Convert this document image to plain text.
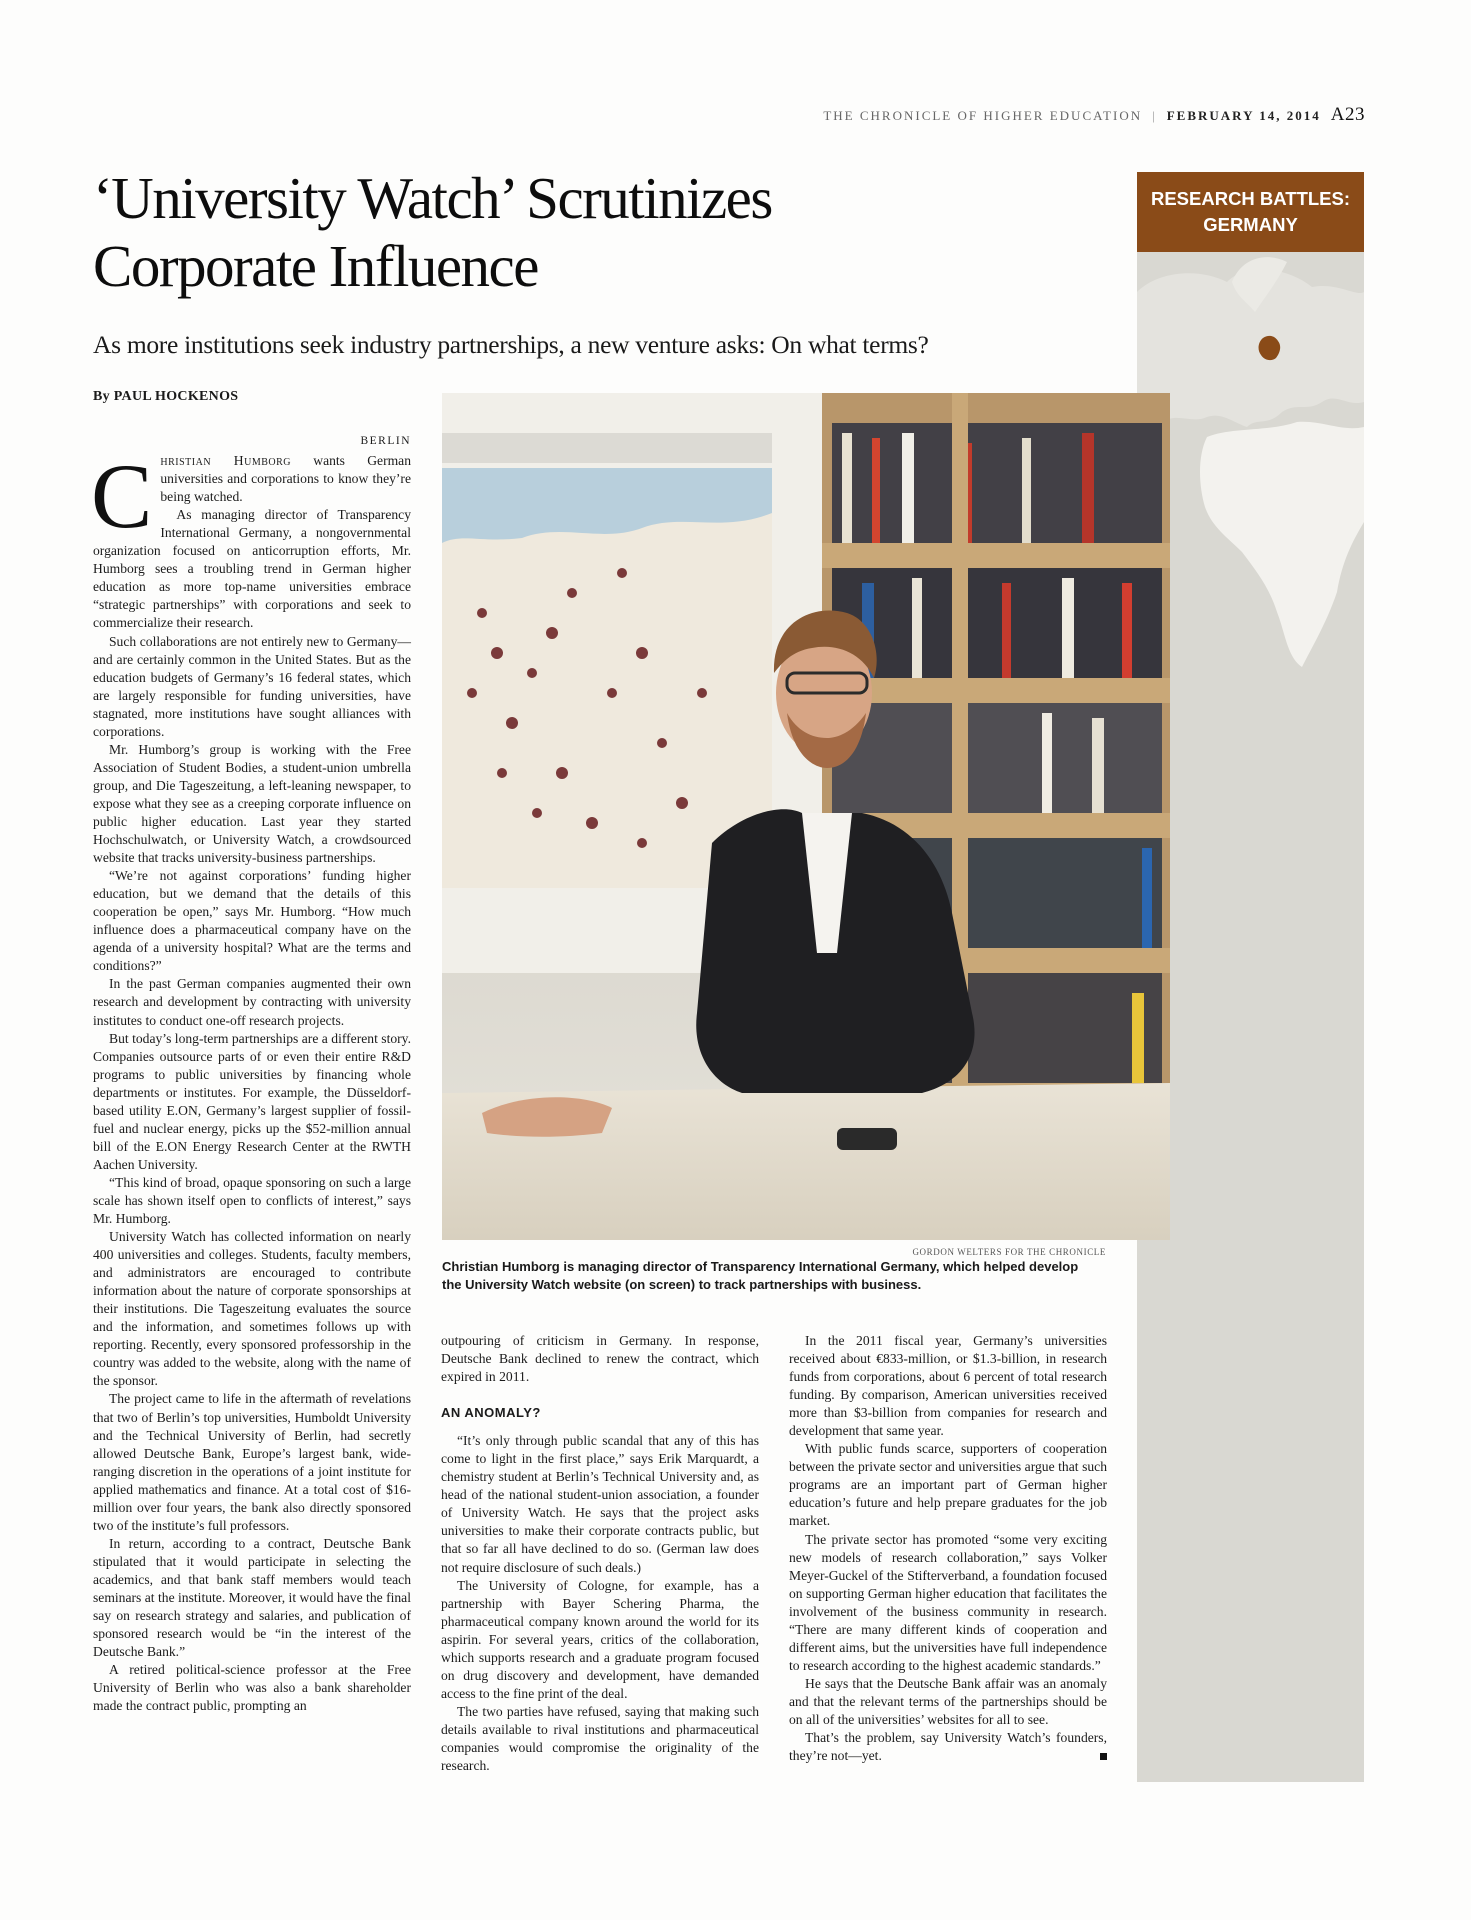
THE CHRONICLE OF HIGHER EDUCATION | FEBRUARY 14, 2014 A23
‘University Watch’ Scrutinizes
Corporate Influence
As more institutions seek industry partnerships, a new venture asks: On what terms?
By PAUL HOCKENOS
RESEARCH BATTLES:
GERMANY
BERLIN

Christian Humborg wants German universities and corporations to know they’re being watched.

As managing director of Transparency International Germany, a nongovernmental organization focused on anticorruption efforts, Mr. Humborg sees a troubling trend in German higher education as more top-name universities embrace “strategic partnerships” with corporations and seek to commercialize their research.

Such collaborations are not entirely new to Germany—and are certainly common in the United States. But as the education budgets of Germany’s 16 federal states, which are largely responsible for funding universities, have stagnated, more institutions have sought alliances with corporations.

Mr. Humborg’s group is working with the Free Association of Student Bodies, a student-union umbrella group, and Die Tageszeitung, a left-leaning newspaper, to expose what they see as a creeping corporate influence on public higher education. Last year they started Hochschulwatch, or University Watch, a crowdsourced website that tracks university-business partnerships.

“We’re not against corporations’ funding higher education, but we demand that the details of this cooperation be open,” says Mr. Humborg. “How much influence does a pharmaceutical company have on the agenda of a university hospital? What are the terms and conditions?”

In the past German companies augmented their own research and development by contracting with university institutes to conduct one-off research projects.

But today’s long-term partnerships are a different story. Companies outsource parts of or even their entire R&D programs to public universities by financing whole departments or institutes. For example, the Düsseldorf-based utility E.ON, Germany’s largest supplier of fossil-fuel and nuclear energy, picks up the $52-million annual bill of the E.ON Energy Research Center at the RWTH Aachen University.

“This kind of broad, opaque sponsoring on such a large scale has shown itself open to conflicts of interest,” says Mr. Humborg.

University Watch has collected information on nearly 400 universities and colleges. Students, faculty members, and administrators are encouraged to contribute information about the nature of corporate sponsorships at their institutions. Die Tageszeitung evaluates the source and the information, and sometimes follows up with reporting. Recently, every sponsored professorship in the country was added to the website, along with the name of the sponsor.

The project came to life in the aftermath of revelations that two of Berlin’s top universities, Humboldt University and the Technical University of Berlin, had secretly allowed Deutsche Bank, Europe’s largest bank, wide-ranging discretion in the operations of a joint institute for applied mathematics and finance. At a total cost of $16-million over four years, the bank also directly sponsored two of the institute’s full professors.

In return, according to a contract, Deutsche Bank stipulated that it would participate in selecting the academics, and that bank staff members would teach seminars at the institute. Moreover, it would have the final say on research strategy and salaries, and publication of sponsored research would be “in the interest of the Deutsche Bank.”

A retired political-science professor at the Free University of Berlin who was also a bank shareholder made the contract public, prompting an

GORDON WELTERS FOR THE CHRONICLE
Christian Humborg is managing director of Transparency International Germany, which helped develop the University Watch website (on screen) to track partnerships with business.

outpouring of criticism in Germany. In response, Deutsche Bank declined to renew the contract, which expired in 2011.

AN ANOMALY?

“It’s only through public scandal that any of this has come to light in the first place,” says Erik Marquardt, a chemistry student at Berlin’s Technical University and, as head of the national student-union association, a founder of University Watch. He says that the project asks universities to make their corporate contracts public, but that so far all have declined to do so. (German law does not require disclosure of such deals.)

The University of Cologne, for example, has a partnership with Bayer Schering Pharma, the pharmaceutical company known around the world for its aspirin. For several years, critics of the collaboration, which supports research and a graduate program focused on drug discovery and development, have demanded access to the fine print of the deal.

The two parties have refused, saying that making such details available to rival institutions and pharmaceutical companies would compromise the originality of the research.

In the 2011 fiscal year, Germany’s universities received about €833-million, or $1.3-billion, in research funds from corporations, about 6 percent of total research funding. By comparison, American universities received more than $3-billion from companies for research and development that same year.

With public funds scarce, supporters of cooperation between the private sector and universities argue that such programs are an important part of German higher education’s future and help prepare graduates for the job market.

The private sector has promoted “some very exciting new models of research collaboration,” says Volker Meyer-Guckel of the Stifterverband, a foundation focused on supporting German higher education that facilitates the involvement of the business community in research. “There are many different kinds of cooperation and different aims, but the universities have full independence to research according to the highest academic standards.”

He says that the Deutsche Bank affair was an anomaly and that the relevant terms of the partnerships should be on all of the universities’ websites for all to see.

That’s the problem, say University Watch’s founders, they’re not—yet.
